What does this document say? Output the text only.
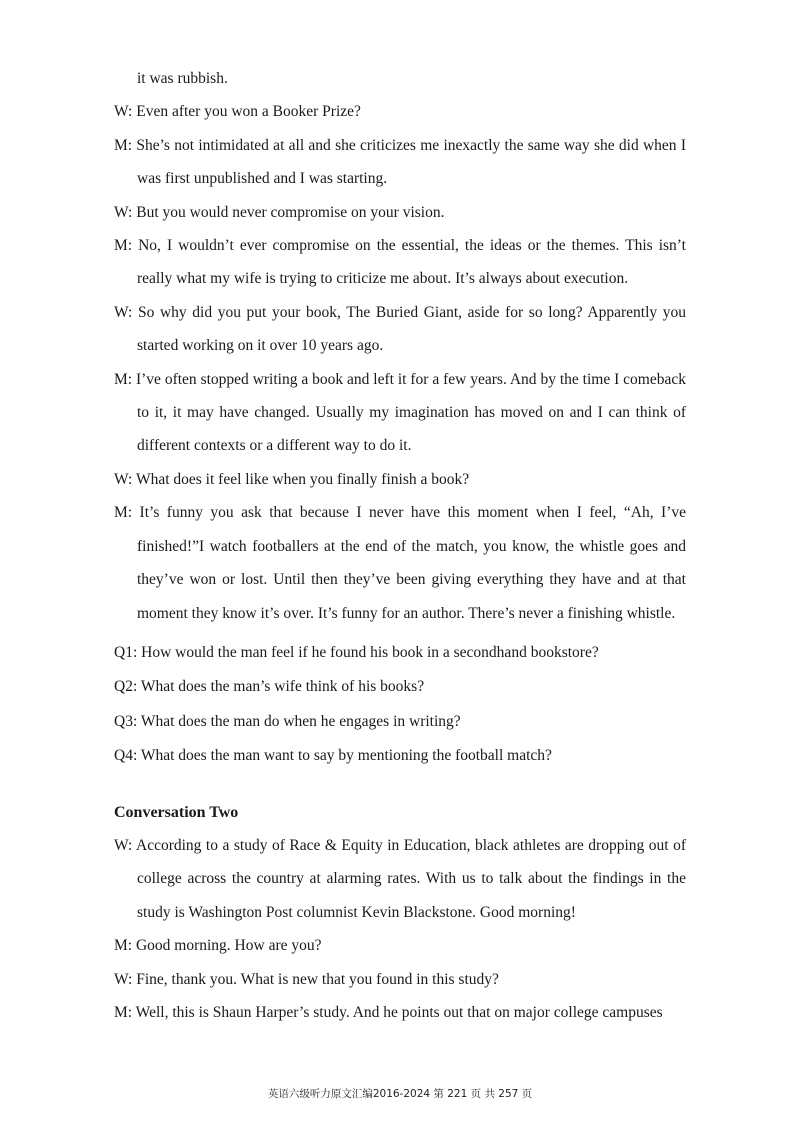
it was rubbish.

W: Even after you won a Booker Prize?

M: She’s not intimidated at all and she criticizes me inexactly the same way she did when I was first unpublished and I was starting.

W: But you would never compromise on your vision.

M: No, I wouldn’t ever compromise on the essential, the ideas or the themes. This isn’t really what my wife is trying to criticize me about. It’s always about execution.

W: So why did you put your book, The Buried Giant, aside for so long? Apparently you started working on it over 10 years ago.

M: I’ve often stopped writing a book and left it for a few years. And by the time I comeback to it, it may have changed. Usually my imagination has moved on and I can think of different contexts or a different way to do it.

W: What does it feel like when you finally finish a book?

M: It’s funny you ask that because I never have this moment when I feel, “Ah, I’ve finished!”I watch footballers at the end of the match, you know, the whistle goes and they’ve won or lost. Until then they’ve been giving everything they have and at that moment they know it’s over. It’s funny for an author. There’s never a finishing whistle.

Q1: How would the man feel if he found his book in a secondhand bookstore?

Q2: What does the man’s wife think of his books?

Q3: What does the man do when he engages in writing?

Q4: What does the man want to say by mentioning the football match?

Conversation Two

W: According to a study of Race & Equity in Education, black athletes are dropping out of college across the country at alarming rates. With us to talk about the findings in the study is Washington Post columnist Kevin Blackstone. Good morning!

M: Good morning. How are you?

W: Fine, thank you. What is new that you found in this study?

M: Well, this is Shaun Harper’s study. And he points out that on major college campuses

英语六级听力原文汇编2016-2024 第 221 页 共 257 页
